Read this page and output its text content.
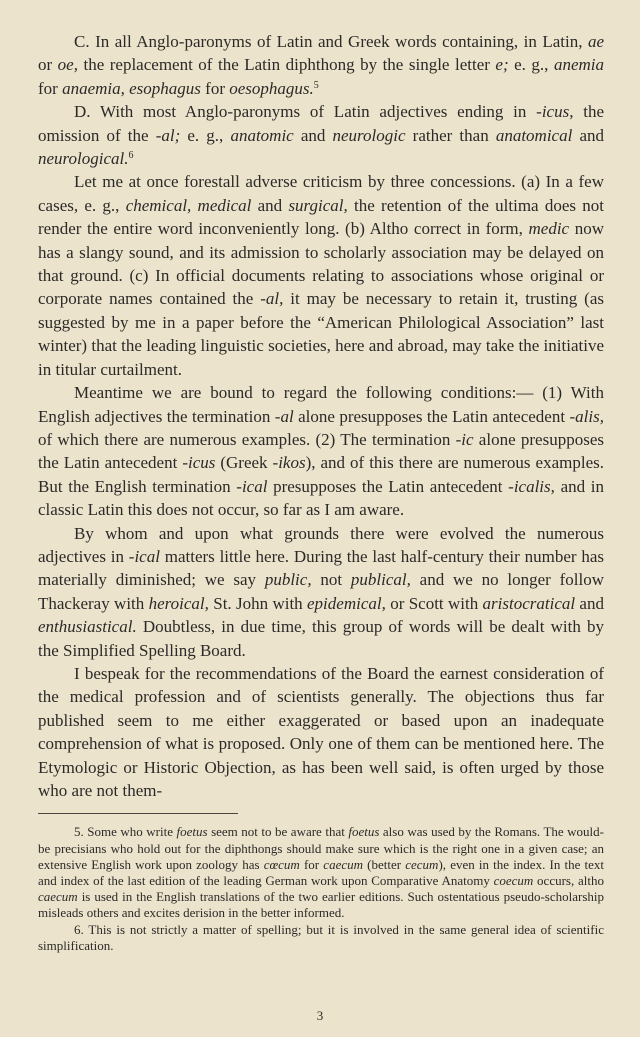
C. In all Anglo-paronyms of Latin and Greek words containing, in Latin, ae or oe, the replacement of the Latin diphthong by the single letter e; e. g., anemia for anaemia, esophagus for oesophagus.$^5$

D. With most Anglo-paronyms of Latin adjectives ending in -icus, the omission of the -al; e. g., anatomic and neurologic rather than anatomical and neurological.$^6$

Let me at once forestall adverse criticism by three concessions. (a) In a few cases, e. g., chemical, medical and surgical, the retention of the ultima does not render the entire word inconveniently long. (b) Altho correct in form, medic now has a slangy sound, and its admission to scholarly association may be delayed on that ground. (c) In official documents relating to associations whose original or corporate names contained the -al, it may be necessary to retain it, trusting (as suggested by me in a paper before the “American Philological Association” last winter) that the leading linguistic societies, here and abroad, may take the initiative in titular curtailment.

Meantime we are bound to regard the following conditions:— (1) With English adjectives the termination -al alone presupposes the Latin antecedent -alis, of which there are numerous examples. (2) The termination -ic alone presupposes the Latin antecedent -icus (Greek -ikos), and of this there are numerous examples. But the English termination -ical presupposes the Latin antecedent -icalis, and in classic Latin this does not occur, so far as I am aware.

By whom and upon what grounds there were evolved the numerous adjectives in -ical matters little here. During the last half-century their number has materially diminished; we say public, not publical, and we no longer follow Thackeray with heroical, St. John with epidemical, or Scott with aristocratical and enthusiastical. Doubtless, in due time, this group of words will be dealt with by the Simplified Spelling Board.

I bespeak for the recommendations of the Board the earnest consideration of the medical profession and of scientists generally. The objections thus far published seem to me either exaggerated or based upon an inadequate comprehension of what is proposed. Only one of them can be mentioned here. The Etymologic or Historic Objection, as has been well said, is often urged by those who are not them-

5. Some who write foetus seem not to be aware that foetus also was used by the Romans. The would-be precisians who hold out for the diphthongs should make sure which is the right one in a given case; an extensive English work upon zoology has cœcum for caecum (better cecum), even in the index. In the text and index of the last edition of the leading German work upon Comparative Anatomy coecum occurs, altho caecum is used in the English translations of the two earlier editions. Such ostentatious pseudo-scholarship misleads others and excites derision in the better informed.

6. This is not strictly a matter of spelling; but it is involved in the same general idea of scientific simplification.

3
